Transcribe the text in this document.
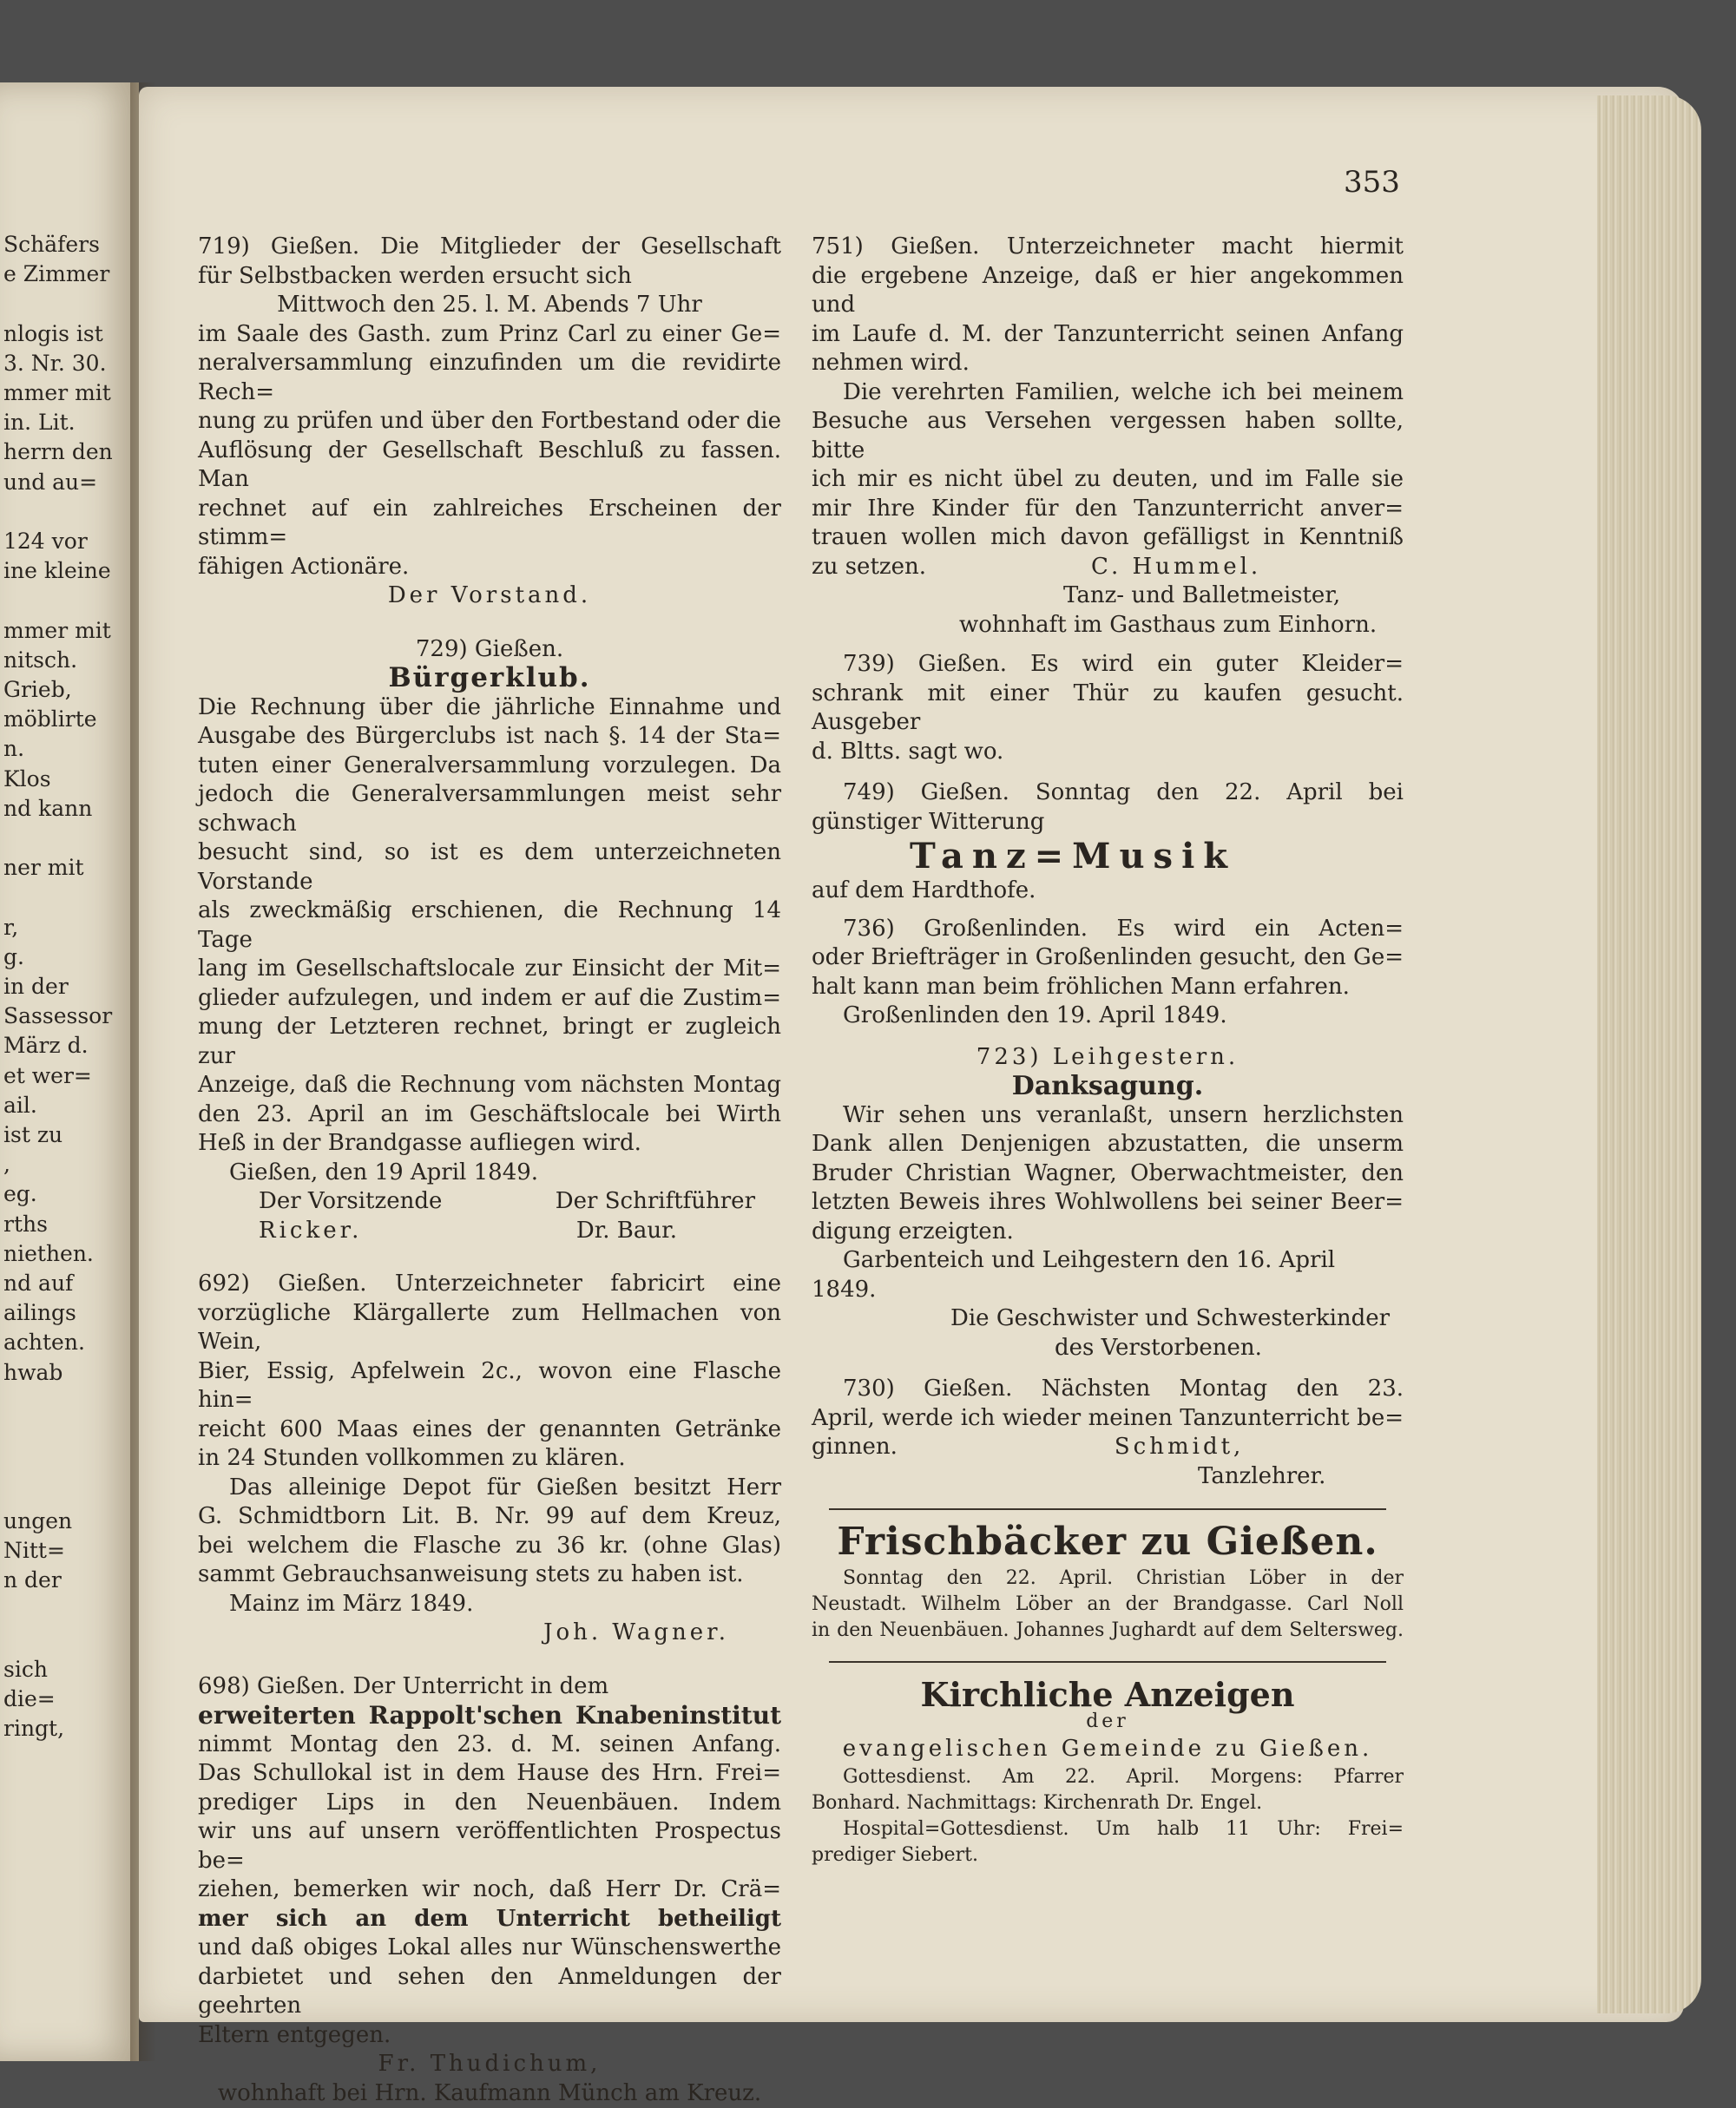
Schäfers
e Zimmer
nlogis ist
3. Nr. 30.
mmer mit
in. Lit.
herrn den
und au=
124 vor
ine kleine
mmer mit
nitsch.
Grieb,
möblirte
n.
Klos
nd kann
ner mit
r,
g.
in der
Sassessor
März d.
et wer=
ail.
ist zu
,
eg.
rths
niethen.
nd auf
ailings
achten.
hwab
ungen
Nitt=
n der
sich
die=
ringt,
353

719) Gießen. Die Mitglieder der Gesellschaft

für Selbstbacken werden ersucht sich

Mittwoch den 25. l. M. Abends 7 Uhr

im Saale des Gasth. zum Prinz Carl zu einer Ge=

neralversammlung einzufinden um die revidirte Rech=

nung zu prüfen und über den Fortbestand oder die

Auflösung der Gesellschaft Beschluß zu fassen. Man

rechnet auf ein zahlreiches Erscheinen der stimm=

fähigen Actionäre.

Der Vorstand.

729) Gießen.

Bürgerklub.

Die Rechnung über die jährliche Einnahme und

Ausgabe des Bürgerclubs ist nach §. 14 der Sta=

tuten einer Generalversammlung vorzulegen. Da

jedoch die Generalversammlungen meist sehr schwach

besucht sind, so ist es dem unterzeichneten Vorstande

als zweckmäßig erschienen, die Rechnung 14 Tage

lang im Gesellschaftslocale zur Einsicht der Mit=

glieder aufzulegen, und indem er auf die Zustim=

mung der Letzteren rechnet, bringt er zugleich zur

Anzeige, daß die Rechnung vom nächsten Montag

den 23. April an im Geschäftslocale bei Wirth

Heß in der Brandgasse aufliegen wird.

Gießen, den 19 April 1849.

Der Vorsitzende	Der Schriftführer
Ricker.	Dr. Baur.

692) Gießen. Unterzeichneter fabricirt eine

vorzügliche Klärgallerte zum Hellmachen von Wein,

Bier, Essig, Apfelwein 2c., wovon eine Flasche hin=

reicht 600 Maas eines der genannten Getränke

in 24 Stunden vollkommen zu klären.

Das alleinige Depot für Gießen besitzt Herr

G. Schmidtborn Lit. B. Nr. 99 auf dem Kreuz,

bei welchem die Flasche zu 36 kr. (ohne Glas)

sammt Gebrauchsanweisung stets zu haben ist.

Mainz im März 1849.

Joh. Wagner.

698) Gießen. Der Unterricht in dem

erweiterten Rappolt'schen Knabeninstitut

nimmt Montag den 23. d. M. seinen Anfang.

Das Schullokal ist in dem Hause des Hrn. Frei=

prediger Lips in den Neuenbäuen. Indem

wir uns auf unsern veröffentlichten Prospectus be=

ziehen, bemerken wir noch, daß Herr Dr. Crä=

mer sich an dem Unterricht betheiligt

und daß obiges Lokal alles nur Wünschenswerthe

darbietet und sehen den Anmeldungen der geehrten

Eltern entgegen.

Fr. Thudichum,

wohnhaft bei Hrn. Kaufmann Münch am Kreuz.

751) Gießen. Unterzeichneter macht hiermit

die ergebene Anzeige, daß er hier angekommen und

im Laufe d. M. der Tanzunterricht seinen Anfang

nehmen wird.

Die verehrten Familien, welche ich bei meinem

Besuche aus Versehen vergessen haben sollte, bitte

ich mir es nicht übel zu deuten, und im Falle sie

mir Ihre Kinder für den Tanzunterricht anver=

trauen wollen mich davon gefälligst in Kenntniß

zu setzen.	C. Hummel.

Tanz- und Balletmeister,

wohnhaft im Gasthaus zum Einhorn.

739) Gießen. Es wird ein guter Kleider=

schrank mit einer Thür zu kaufen gesucht. Ausgeber

d. Bltts. sagt wo.

749) Gießen. Sonntag den 22. April bei

günstiger Witterung

Tanz=Musik

auf dem Hardthofe.

736) Großenlinden. Es wird ein Acten=

oder Briefträger in Großenlinden gesucht, den Ge=

halt kann man beim fröhlichen Mann erfahren.

Großenlinden den 19. April 1849.

723) Leihgestern.

Danksagung.

Wir sehen uns veranlaßt, unsern herzlichsten

Dank allen Denjenigen abzustatten, die unserm

Bruder Christian Wagner, Oberwachtmeister, den

letzten Beweis ihres Wohlwollens bei seiner Beer=

digung erzeigten.

Garbenteich und Leihgestern den 16. April 1849.

Die Geschwister und Schwesterkinder

des Verstorbenen.

730) Gießen. Nächsten Montag den 23.

April, werde ich wieder meinen Tanzunterricht be=

ginnen.	Schmidt,

Tanzlehrer.

Frischbäcker zu Gießen.

Sonntag den 22. April. Christian Löber in der

Neustadt. Wilhelm Löber an der Brandgasse. Carl Noll

in den Neuenbäuen. Johannes Jughardt auf dem Seltersweg.

Kirchliche Anzeigen

der

evangelischen Gemeinde zu Gießen.

Gottesdienst. Am 22. April. Morgens: Pfarrer

Bonhard. Nachmittags: Kirchenrath Dr. Engel.

Hospital=Gottesdienst. Um halb 11 Uhr: Frei=

prediger Siebert.
